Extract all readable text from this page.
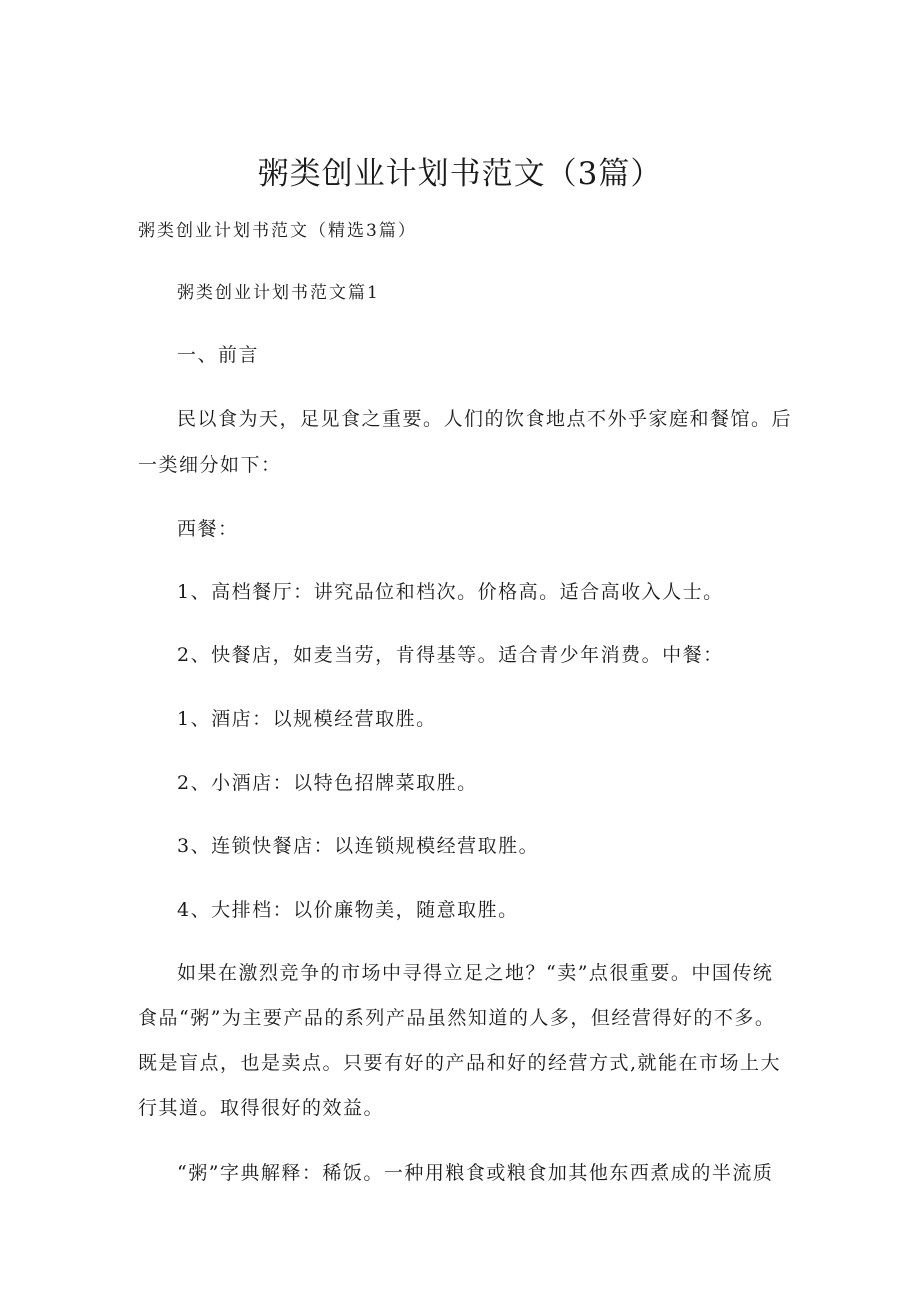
粥类创业计划书范文（3篇）
粥类创业计划书范文（精选3篇）
粥类创业计划书范文篇1
一、前言
民以食为天，足见食之重要。人们的饮食地点不外乎家庭和餐馆。后
一类细分如下：
西餐：
1、高档餐厅：讲究品位和档次。价格高。适合高收入人士。
2、快餐店，如麦当劳，肯得基等。适合青少年消费。中餐：
1、酒店：以规模经营取胜。
2、小酒店：以特色招牌菜取胜。
3、连锁快餐店：以连锁规模经营取胜。
4、大排档：以价廉物美，随意取胜。
如果在激烈竞争的市场中寻得立足之地？“卖”点很重要。中国传统
食品“粥”为主要产品的系列产品虽然知道的人多，但经营得好的不多。
既是盲点，也是卖点。只要有好的产品和好的经营方式,就能在市场上大
行其道。取得很好的效益。
“粥”字典解释：稀饭。一种用粮食或粮食加其他东西煮成的半流质
